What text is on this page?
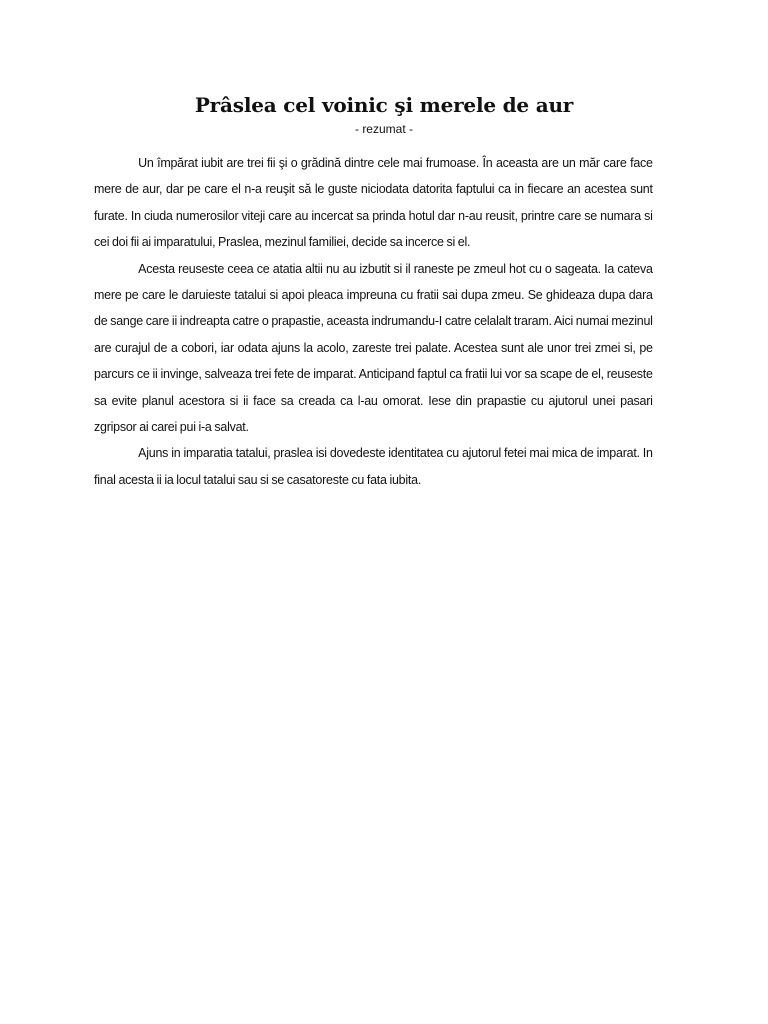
Prâslea cel voinic şi merele de aur
- rezumat -

Un împărat iubit are trei fii şi o grădină dintre cele mai frumoase. În aceasta are un măr care face mere de aur, dar pe care el n-a reuşit să le guste niciodata datorita faptului ca in fiecare an acestea sunt furate. In ciuda numerosilor viteji care au incercat sa prinda hotul dar n-au reusit, printre care se numara si cei doi fii ai imparatului, Praslea, mezinul familiei, decide sa incerce si el.

Acesta reuseste ceea ce atatia altii nu au izbutit si il raneste pe zmeul hot cu o sageata. Ia cateva mere pe care le daruieste tatalui si apoi pleaca impreuna cu fratii sai dupa zmeu. Se ghideaza dupa dara de sange care ii indreapta catre o prapastie, aceasta indrumandu-I catre celalalt traram. Aici numai mezinul are curajul de a cobori, iar odata ajuns la acolo, zareste trei palate. Acestea sunt ale unor trei zmei si, pe parcurs ce ii invinge, salveaza trei fete de imparat. Anticipand faptul ca fratii lui vor sa scape de el, reuseste sa evite planul acestora si ii face sa creada ca l-au omorat. Iese din prapastie cu ajutorul unei pasari zgripsor ai carei pui i-a salvat.

Ajuns in imparatia tatalui, praslea isi dovedeste identitatea cu ajutorul fetei mai mica de imparat. In final acesta ii ia locul tatalui sau si se casatoreste cu fata iubita.
